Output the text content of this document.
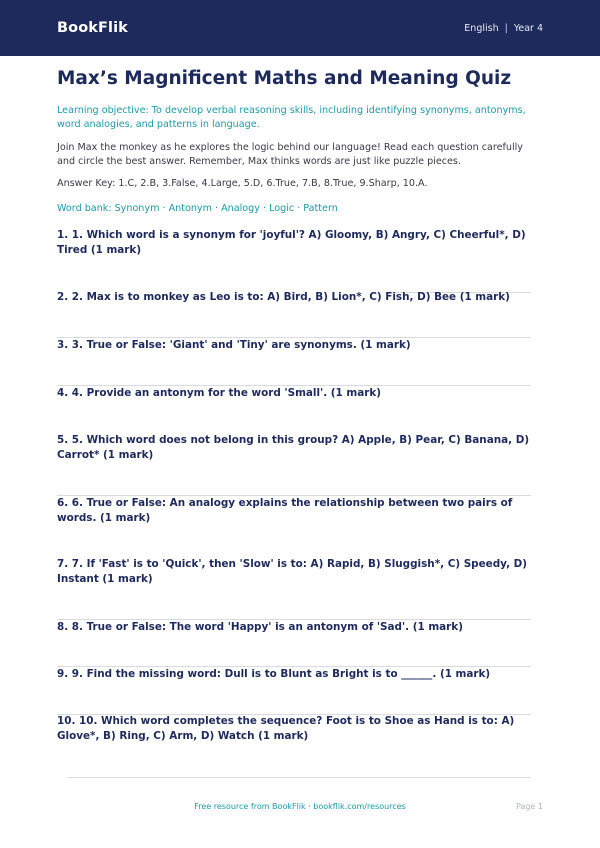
BookFlik	English | Year 4
Max’s Magnificent Maths and Meaning Quiz
Learning objective: To develop verbal reasoning skills, including identifying synonyms, antonyms, word analogies, and patterns in language.
Join Max the monkey as he explores the logic behind our language! Read each question carefully and circle the best answer. Remember, Max thinks words are just like puzzle pieces.
Answer Key: 1.C, 2.B, 3.False, 4.Large, 5.D, 6.True, 7.B, 8.True, 9.Sharp, 10.A.
Word bank: Synonym · Antonym · Analogy · Logic · Pattern
1. 1. Which word is a synonym for 'joyful'? A) Gloomy, B) Angry, C) Cheerful*, D) Tired (1 mark)
2. 2. Max is to monkey as Leo is to: A) Bird, B) Lion*, C) Fish, D) Bee (1 mark)
3. 3. True or False: 'Giant' and 'Tiny' are synonyms. (1 mark)
4. 4. Provide an antonym for the word 'Small'. (1 mark)
5. 5. Which word does not belong in this group? A) Apple, B) Pear, C) Banana, D) Carrot* (1 mark)
6. 6. True or False: An analogy explains the relationship between two pairs of words. (1 mark)
7. 7. If 'Fast' is to 'Quick', then 'Slow' is to: A) Rapid, B) Sluggish*, C) Speedy, D) Instant (1 mark)
8. 8. True or False: The word 'Happy' is an antonym of 'Sad'. (1 mark)
9. 9. Find the missing word: Dull is to Blunt as Bright is to ______. (1 mark)
10. 10. Which word completes the sequence? Foot is to Shoe as Hand is to: A) Glove*, B) Ring, C) Arm, D) Watch (1 mark)
Free resource from BookFlik · bookflik.com/resources	Page 1
